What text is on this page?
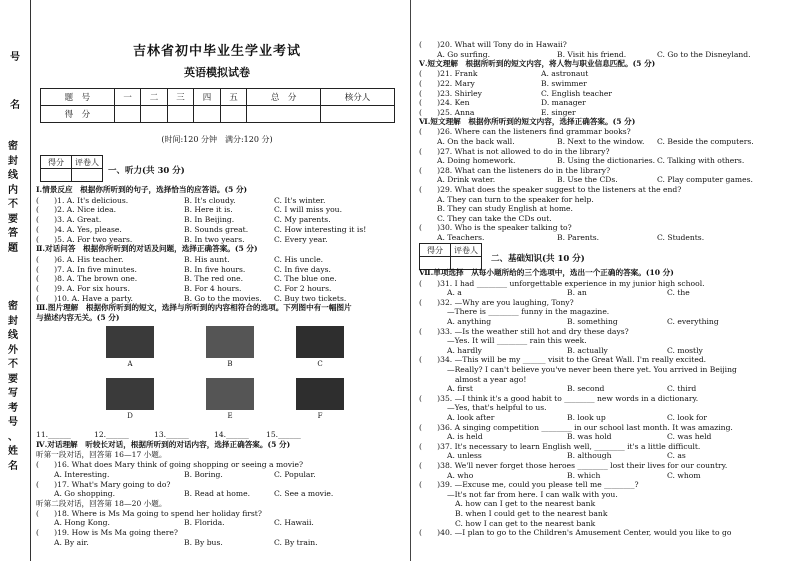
号
名
密
封
线
内
不
要
答
题
密
封
线
外
不
要
写
考
号
、
姓
名
吉林省初中毕业生学业考试
英语模拟试卷
题　号	一	二	三	四	五	总　分	核分人
得　分							
(时间:120 分钟　满分:120 分)
得分	评卷人

一、听力(共 30 分)
Ⅰ.情景反应　根据你所听到的句子，选择恰当的应答语。(5 分)
(　　)1. A. It's delicious.	B. It's cloudy.	C. It's winter.
(　　)2. A. Nice idea.	B. Here it is.	C. I will miss you.
(　　)3. A. Great.	B. In Beijing.	C. My parents.
(　　)4. A. Yes, please.	B. Sounds great.	C. How interesting it is!
(　　)5. A. For two years.	B. In two years.	C. Every year.
Ⅱ.对话问答　根据你所听到的对话及问题，选择正确答案。(5 分)
(　　)6. A. His teacher.	B. His aunt.	C. His uncle.
(　　)7. A. In five minutes.	B. In five hours.	C. In five days.
(　　)8. A. The brown one.	B. The red one.	C. The blue one.
(　　)9. A. For six hours.	B. For 4 hours.	C. For 2 hours.
(　　)10. A. Have a party.	B. Go to the movies. C. Buy two tickets.
Ⅲ.图片理解　根据你所听到的短文，选择与所听到的内容相符合的选项。下列图中有一幅图片
与描述内容无关。(5 分)
A	B	C
D	E	F
11.______	12.______	13.______	14.______ 15.______
Ⅳ.对话理解　听较长对话，根据所听到的对话内容，选择正确答案。(5 分)
听第一段对话，回答第 16—17 小题。
(　　)16. What does Mary think of going shopping or seeing a movie?
A. Interesting.	B. Boring.	C. Popular.
(　　)17. What's Mary going to do?
A. Go shopping.	B. Read at home.	C. See a movie.
听第二段对话，回答第 18—20 小题。
(　　)18. Where is Ms Ma going to spend her holiday first?
A. Hong Kong.	B. Florida.	C. Hawaii.
(　　)19. How is Ms Ma going there?
A. By air.	B. By bus.	C. By train.
得分	评卷人

二、基础知识(共 10 分)
(　　)20. What will Tony do in Hawaii?
A. Go surfing.	B. Visit his friend.	C. Go to the Disneyland.
Ⅴ.短文理解　根据所听到的短文内容，将人物与职业信息匹配。(5 分)
(　　)21. Frank	A. astronaut
(　　)22. Mary	B. swimmer
(　　)23. Shirley	C. English teacher
(　　)24. Ken	D. manager
(　　)25. Anna	E. singer
Ⅵ.短文理解　根据你所听到的短文内容，选择正确答案。(5 分)
(　　)26. Where can the listeners find grammar books?
A. On the back wall.	B. Next to the window. C. Beside the computers.
(　　)27. What is not allowed to do in the library?
A. Doing homework.	B. Using the dictionaries. C. Talking with others.
(　　)28. What can the listeners do in the library?
A. Drink water.	B. Use the CDs.	C. Play computer games.
(　　)29. What does the speaker suggest to the listeners at the end?
A. They can turn to the speaker for help.
B. They can study English at home.
C. They can take the CDs out.
(　　)30. Who is the speaker talking to?
A. Teachers.	B. Parents.	C. Students.
Ⅶ.单项选择　从每小题所给的三个选项中，选出一个正确的答案。(10 分)
(　　)31. I had ________ unforgettable experience in my junior high school.
A. a	B. an	C. the
(　　)32. —Why are you laughing, Tony?
—There is ________ funny in the magazine.
A. anything	B. something	C. everything
(　　)33. —Is the weather still hot and dry these days?
—Yes. It will ________ rain this week.
A. hardly	B. actually	C. mostly
(　　)34. —This will be my ______ visit to the Great Wall. I'm really excited.
—Really? I can't believe you've never been there yet. You arrived in Beijing
almost a year ago!
A. first	B. second	C. third
(　　)35. —I think it's a good habit to ________ new words in a dictionary.
—Yes, that's helpful to us.
A. look after	B. look up	C. look for
(　　)36. A singing competition ________ in our school last month. It was amazing.
A. is held	B. was hold	C. was held
(　　)37. It's necessary to learn English well, ________ it's a little difficult.
A. unless	B. although	C. as
(　　)38. We'll never forget those heroes ________ lost their lives for our country.
A. who	B. which	C. whom
(　　)39. —Excuse me, could you please tell me ________?
—It's not far from here. I can walk with you.
A. how can I get to the nearest bank
B. when I could get to the nearest bank
C. how I can get to the nearest bank
(　　)40. —I plan to go to the Children's Amusement Center, would you like to go
